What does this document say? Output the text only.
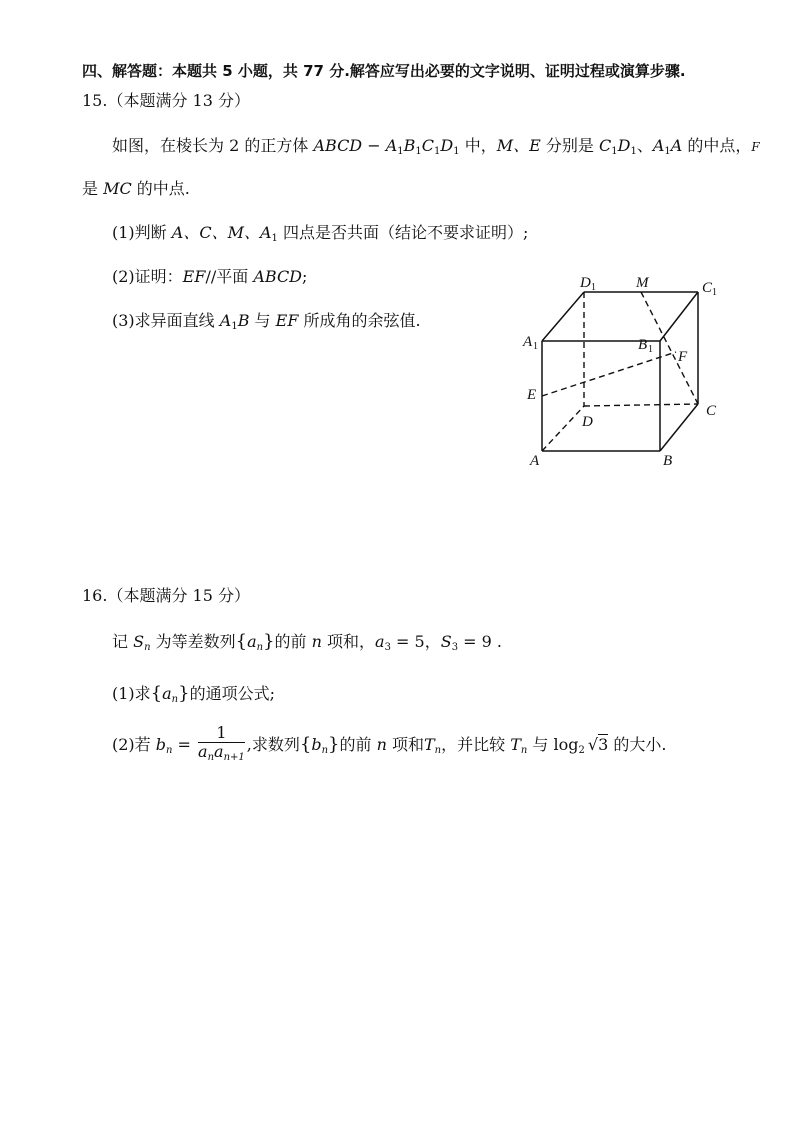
四、解答题：本题共 5 小题，共 77 分.解答应写出必要的文字说明、证明过程或演算步骤.
15.（本题满分 13 分）
如图，在棱长为 2 的正方体 ABCD − $A_1B_1C_1D_1$ 中，M、E 分别是 $C_1D_1$、$A_1A$ 的中点，F
是 MC 的中点.
(1)判断 A、C、M、$A_1$ 四点是否共面（结论不要求证明）;
(2)证明：EF//平面 ABCD;
(3)求异面直线 $A_1B$ 与 EF 所成角的余弦值.
D 1	M	C 1
A 1	B 1 F
E
D
C
A	B
16.（本题满分 15 分）
记 $S_n$ 为等差数列$\{a_n\}$的前 n 项和，$a_3 = 5$，$S_3 = 9$ .
(1)求$\{a_n\}$的通项公式;
(2)若 $b_n = \frac{1}{a_na_{n+1}}$ ,求数列$\{b_n\}$的前 n 项和$T_n$，并比较 $T_n$ 与 $\log_2 √3$ 的大小.
